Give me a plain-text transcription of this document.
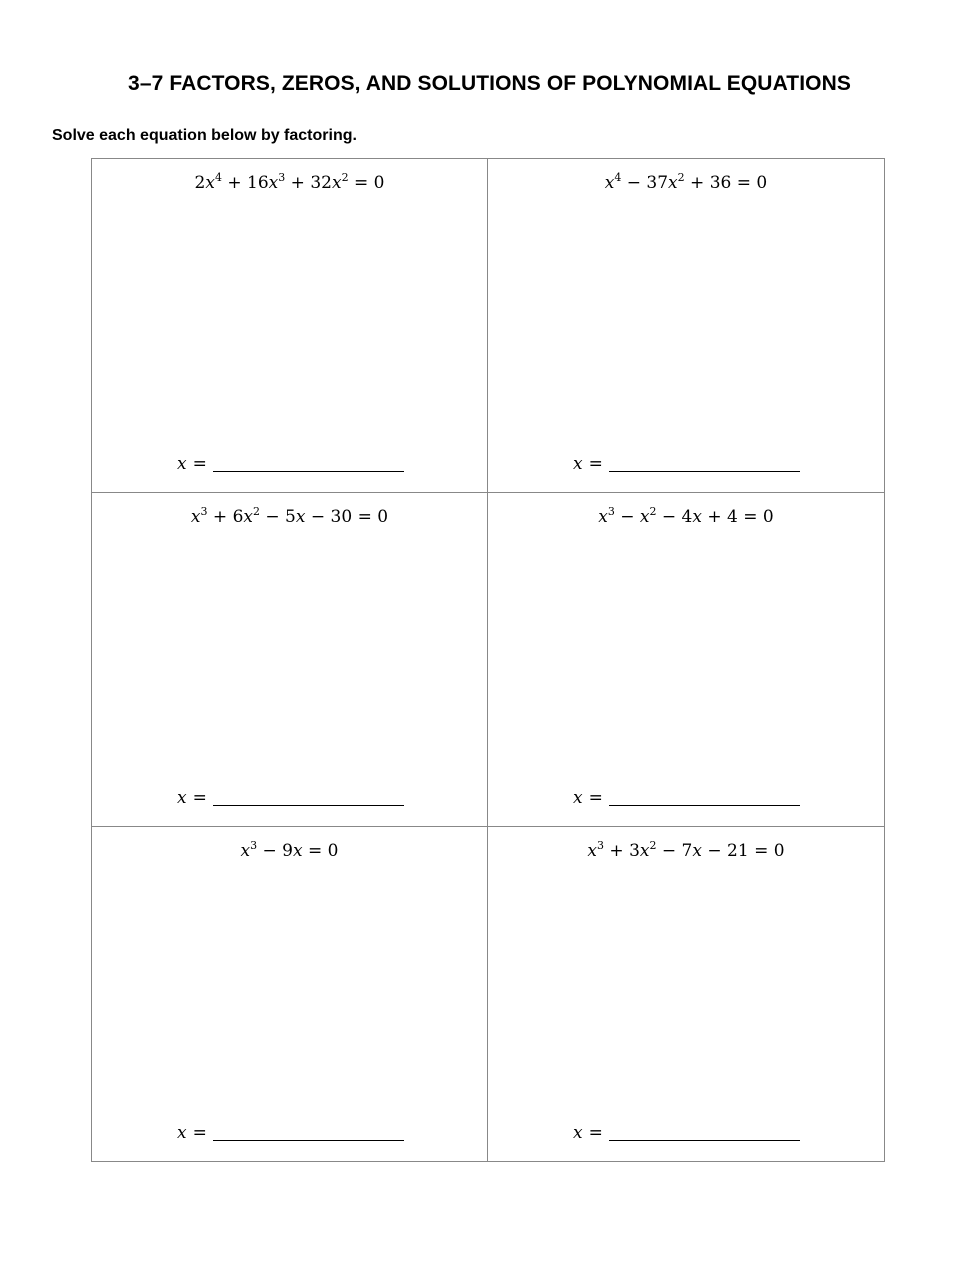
3–7 FACTORS, ZEROS, AND SOLUTIONS OF POLYNOMIAL EQUATIONS
Solve each equation below by factoring.
$2x^4 + 16x^3 + 32x^2 = 0$
x =
$x^4 - 37x^2 + 36 = 0$
x =
$x^3 + 6x^2 - 5x - 30 = 0$
x =
$x^3 - x^2 - 4x + 4 = 0$
x =
$x^3 - 9x = 0$
x =
$x^3 + 3x^2 - 7x - 21 = 0$
x =
